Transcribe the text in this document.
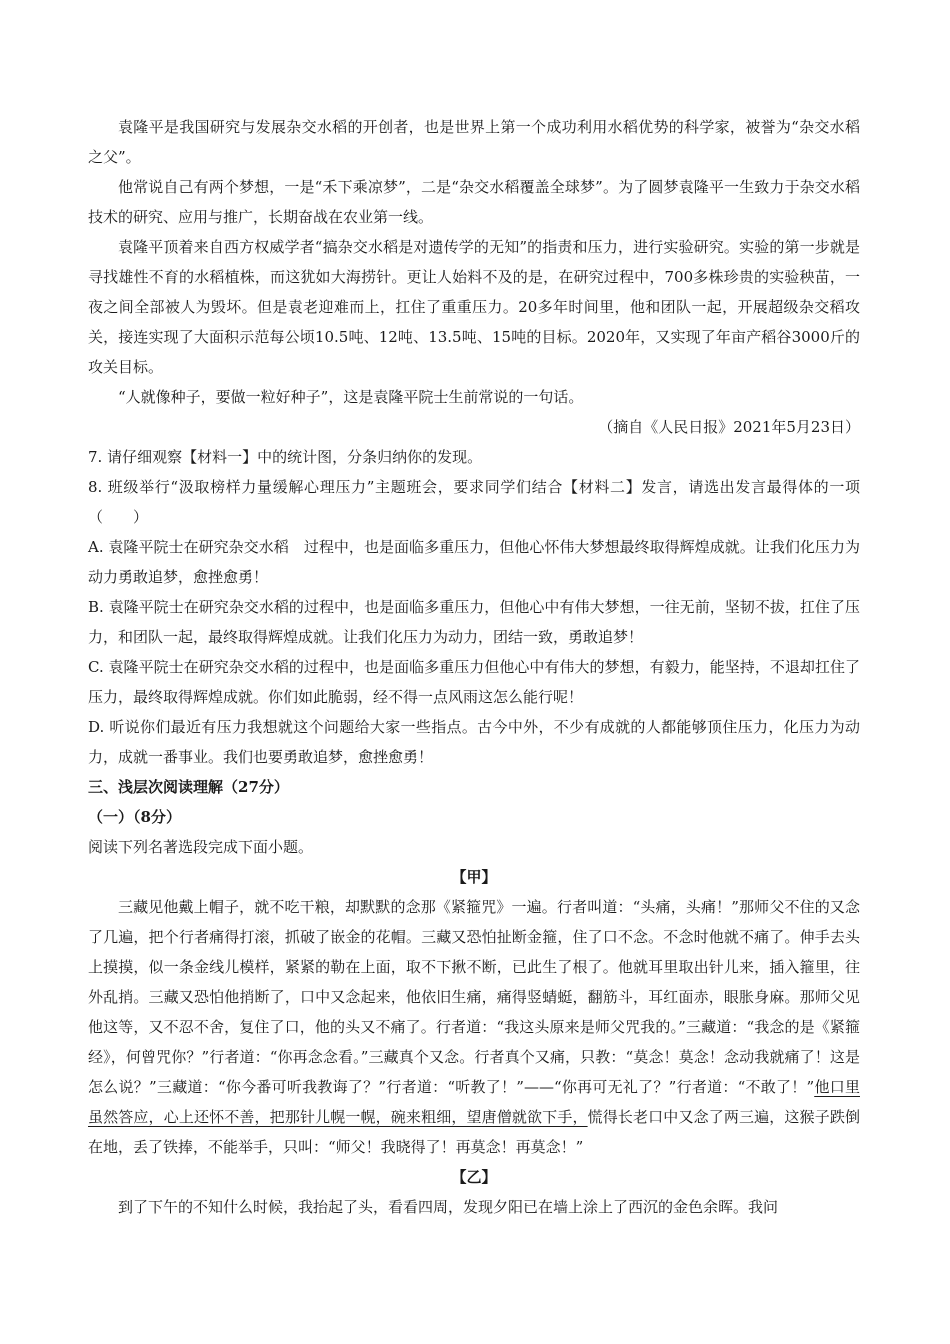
袁隆平是我国研究与发展杂交水稻的开创者，也是世界上第一个成功利用水稻优势的科学家，被誉为“杂交水稻之父”。

他常说自己有两个梦想，一是“禾下乘凉梦”，二是“杂交水稻覆盖全球梦”。为了圆梦袁隆平一生致力于杂交水稻技术的研究、应用与推广，长期奋战在农业第一线。

袁隆平顶着来自西方权威学者“搞杂交水稻是对遗传学的无知”的指责和压力，进行实验研究。实验的第一步就是寻找雄性不育的水稻植株，而这犹如大海捞针。更让人始料不及的是，在研究过程中，700多株珍贵的实验秧苗，一夜之间全部被人为毁坏。但是袁老迎难而上，扛住了重重压力。20多年时间里，他和团队一起，开展超级杂交稻攻关，接连实现了大面积示范每公顷10.5吨、12吨、13.5吨、15吨的目标。2020年，又实现了年亩产稻谷3000斤的攻关目标。

“人就像种子，要做一粒好种子”，这是袁隆平院士生前常说的一句话。

（摘自《人民日报》2021年5月23日）

7. 请仔细观察【材料一】中的统计图，分条归纳你的发现。

8. 班级举行“汲取榜样力量缓解心理压力”主题班会，要求同学们结合【材料二】发言，请选出发言最得体的一项（　　）

A. 袁隆平院士在研究杂交水稻　过程中，也是面临多重压力，但他心怀伟大梦想最终取得辉煌成就。让我们化压力为动力勇敢追梦，愈挫愈勇！

B. 袁隆平院士在研究杂交水稻的过程中，也是面临多重压力，但他心中有伟大梦想，一往无前，坚韧不拔，扛住了压力，和团队一起，最终取得辉煌成就。让我们化压力为动力，团结一致，勇敢追梦！

C. 袁隆平院士在研究杂交水稻的过程中，也是面临多重压力但他心中有伟大的梦想，有毅力，能坚持，不退却扛住了压力，最终取得辉煌成就。你们如此脆弱，经不得一点风雨这怎么能行呢！

D. 听说你们最近有压力我想就这个问题给大家一些指点。古今中外，不少有成就的人都能够顶住压力，化压力为动力，成就一番事业。我们也要勇敢追梦，愈挫愈勇！

三、浅层次阅读理解（27分）

（一）（8分）

阅读下列名著选段完成下面小题。

【甲】

三藏见他戴上帽子，就不吃干粮，却默默的念那《紧箍咒》一遍。行者叫道：“头痛，头痛！”那师父不住的又念了几遍，把个行者痛得打滚，抓破了嵌金的花帽。三藏又恐怕扯断金箍，住了口不念。不念时他就不痛了。伸手去头上摸摸，似一条金线儿模样，紧紧的勒在上面，取不下揪不断，已此生了根了。他就耳里取出针儿来，插入箍里，往外乱捎。三藏又恐怕他捎断了，口中又念起来，他依旧生痛，痛得竖蜻蜓，翻筋斗，耳红面赤，眼胀身麻。那师父见他这等，又不忍不舍，复住了口，他的头又不痛了。行者道：“我这头原来是师父咒我的。”三藏道：“我念的是《紧箍经》，何曾咒你？”行者道：“你再念念看。”三藏真个又念。行者真个又痛，只教：“莫念！莫念！念动我就痛了！这是怎么说？”三藏道：“你今番可听我教诲了？”行者道：“听教了！”——“你再可无礼了？”行者道：“不敢了！”他口里虽然答应，心上还怀不善，把那针儿幌一幌，碗来粗细，望唐僧就欲下手，慌得长老口中又念了两三遍，这猴子跌倒在地，丢了铁捧，不能举手，只叫：“师父！我晓得了！再莫念！再莫念！”

【乙】

到了下午的不知什么时候，我抬起了头，看看四周，发现夕阳已在墙上涂上了西沉的金色余晖。我问
